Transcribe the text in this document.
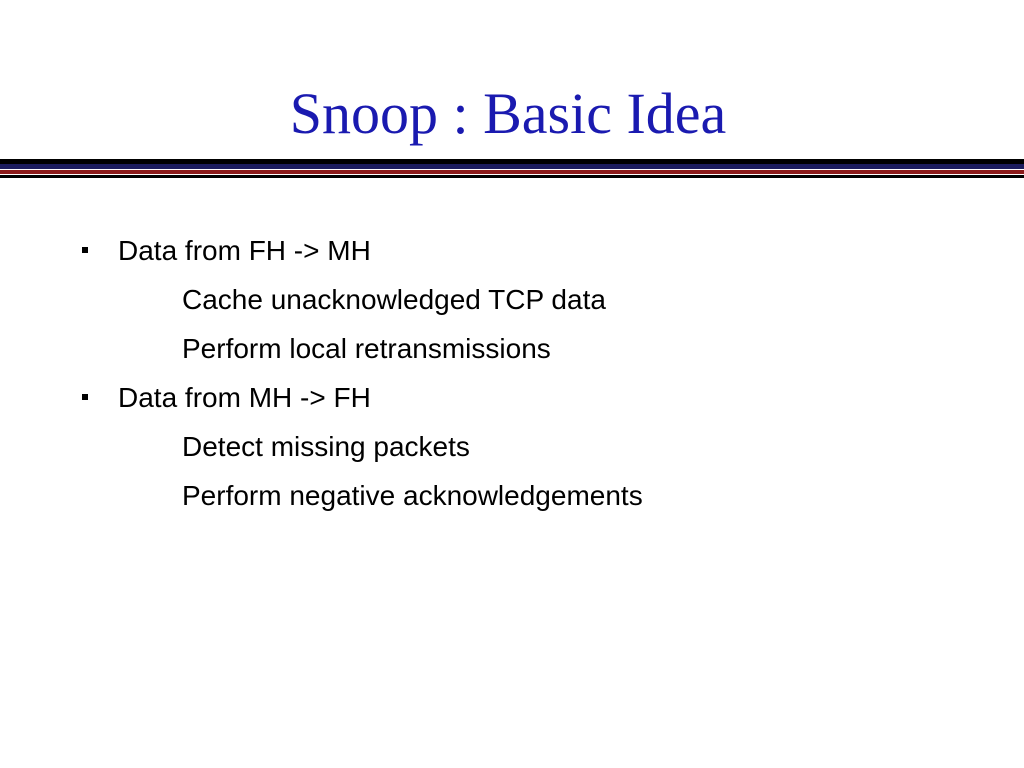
Snoop : Basic Idea
Data from FH -> MH
Cache unacknowledged TCP data
Perform local retransmissions
Data from MH -> FH
Detect missing packets
Perform negative acknowledgements
